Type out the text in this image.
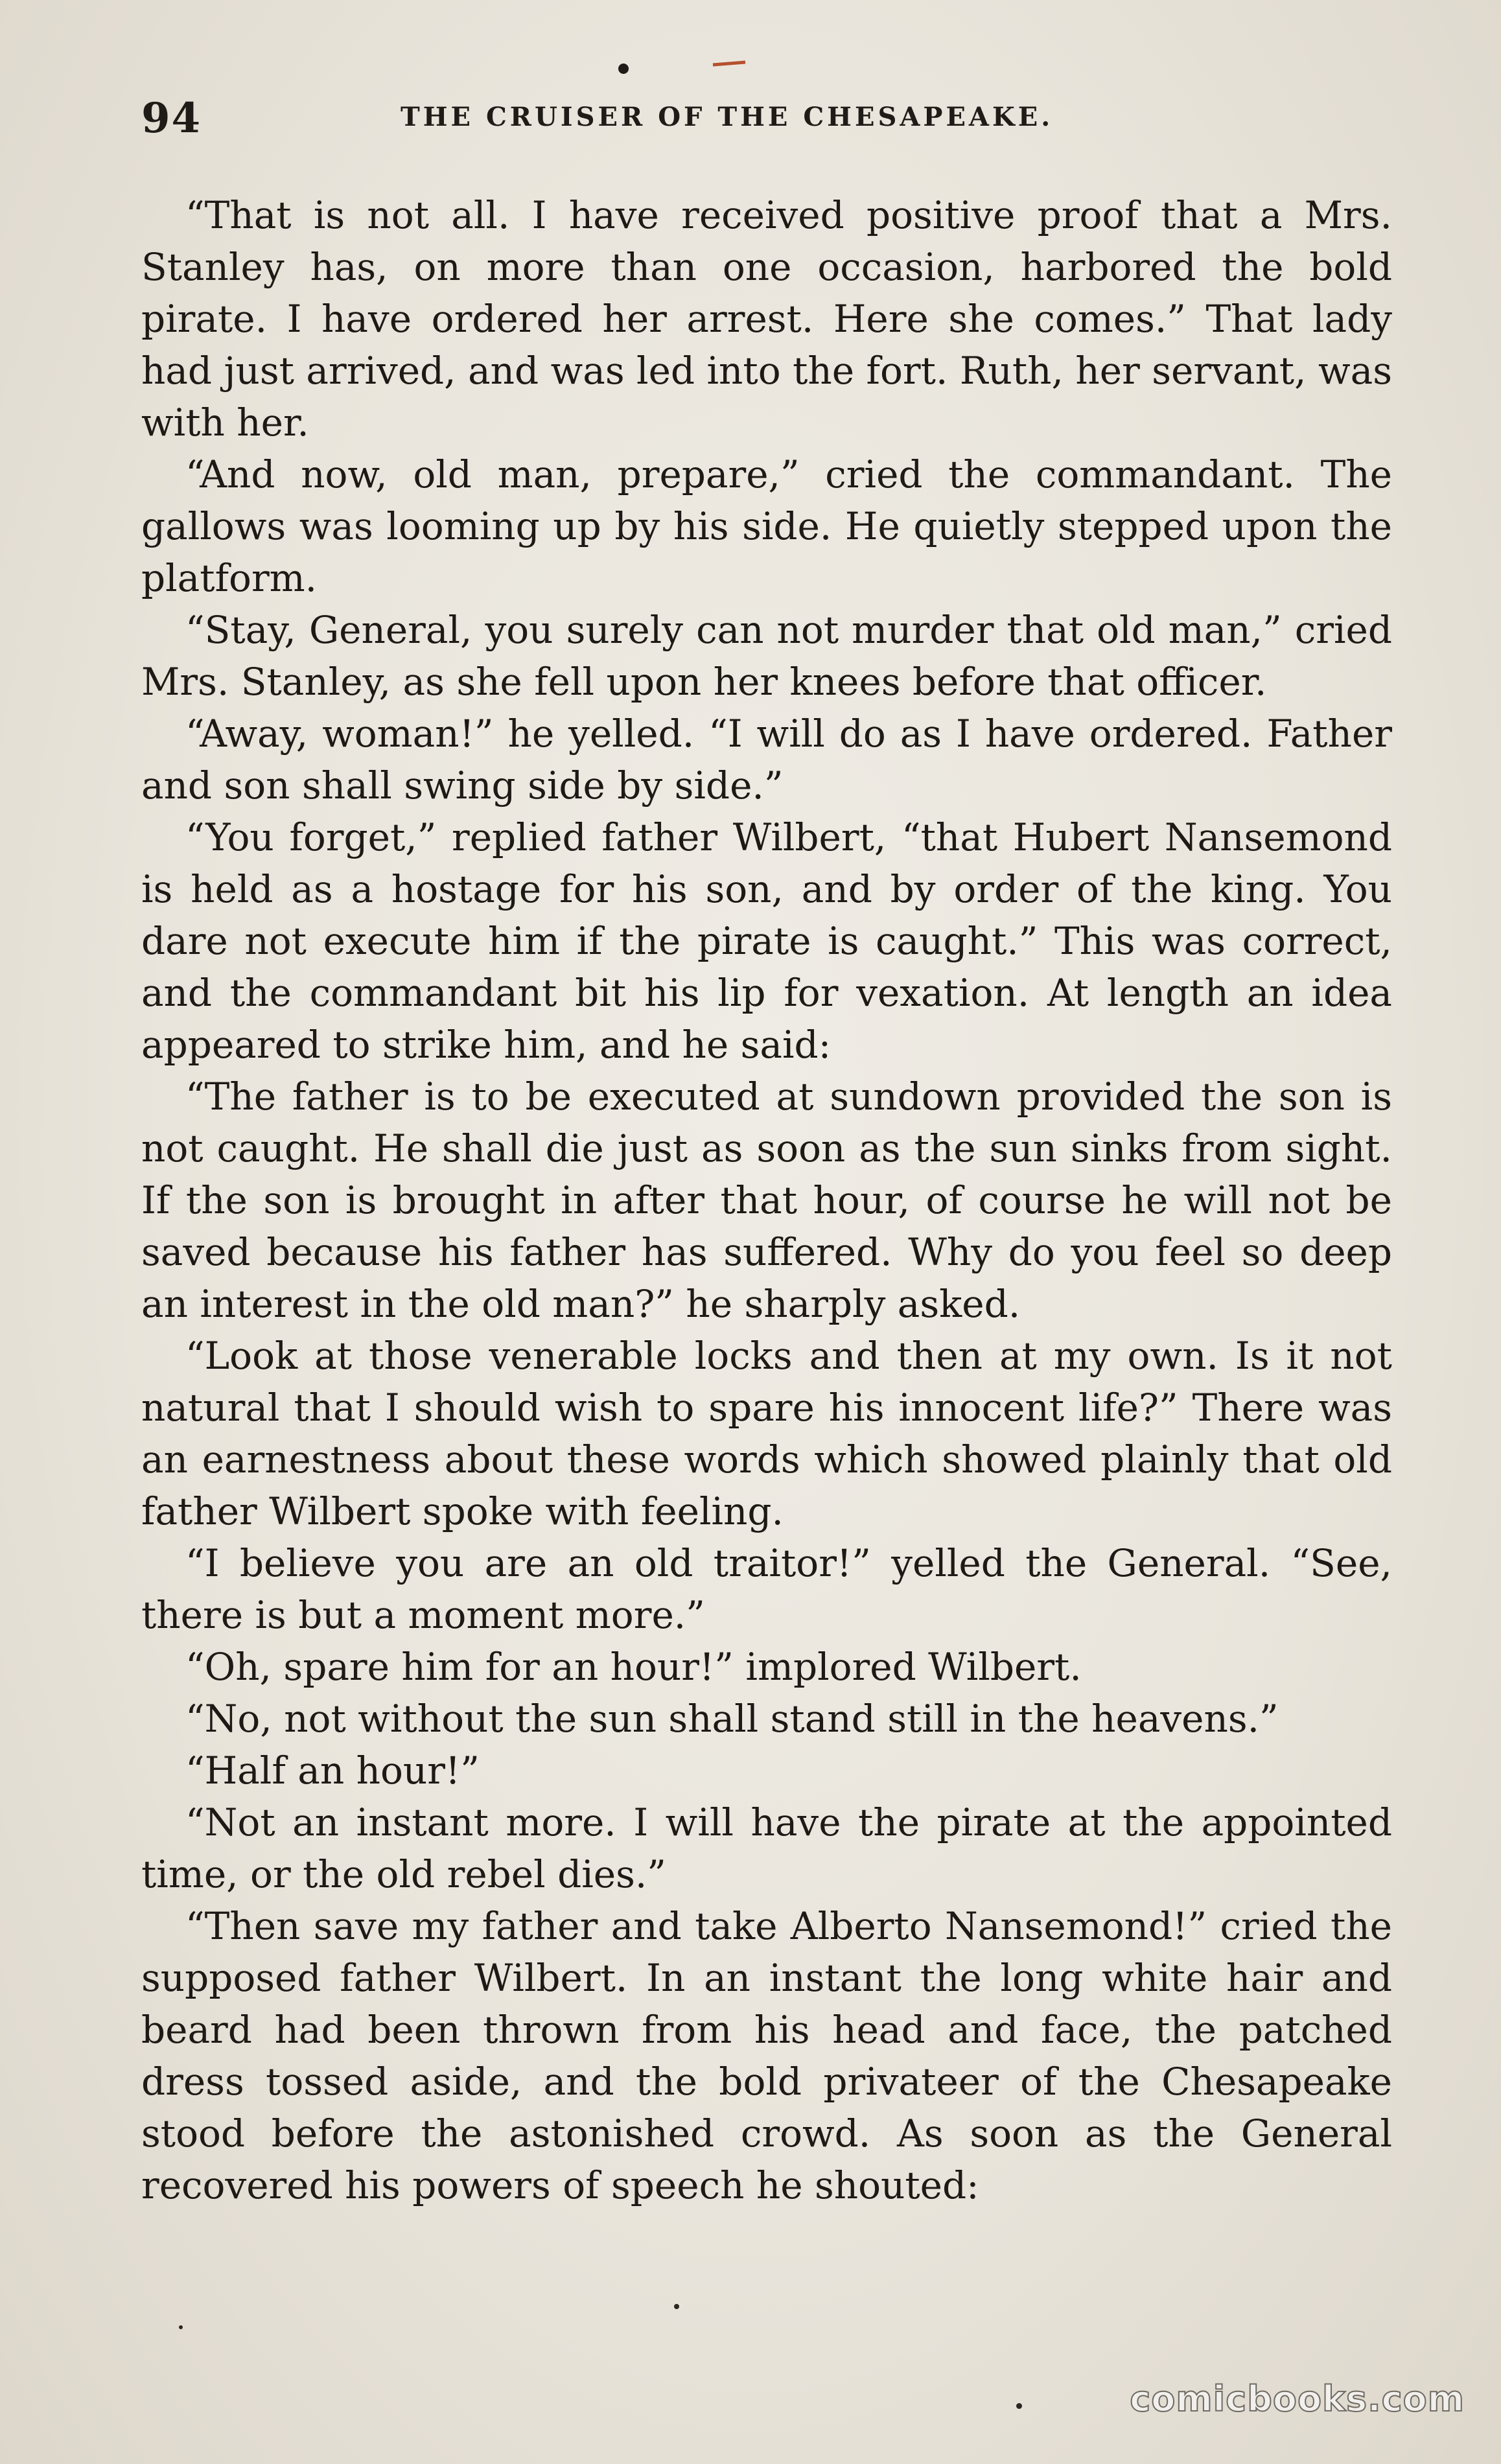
94	THE CRUISER OF THE CHESAPEAKE.

“That is not all. I have received positive proof that a Mrs. Stanley has, on more than one occasion, harbored the bold pirate. I have ordered her arrest. Here she comes.” That lady had just arrived, and was led into the fort. Ruth, her servant, was with her.

“And now, old man, prepare,” cried the commandant. The gallows was looming up by his side. He quietly stepped upon the platform.

“Stay, General, you surely can not murder that old man,” cried Mrs. Stanley, as she fell upon her knees before that officer.

“Away, woman!” he yelled. “I will do as I have ordered. Father and son shall swing side by side.”

“You forget,” replied father Wilbert, “that Hubert Nansemond is held as a hostage for his son, and by order of the king. You dare not execute him if the pirate is caught.” This was correct, and the commandant bit his lip for vexation. At length an idea appeared to strike him, and he said:

“The father is to be executed at sundown provided the son is not caught. He shall die just as soon as the sun sinks from sight. If the son is brought in after that hour, of course he will not be saved because his father has suffered. Why do you feel so deep an interest in the old man?” he sharply asked.

“Look at those venerable locks and then at my own. Is it not natural that I should wish to spare his innocent life?” There was an earnestness about these words which showed plainly that old father Wilbert spoke with feeling.

“I believe you are an old traitor!” yelled the General. “See, there is but a moment more.”

“Oh, spare him for an hour!” implored Wilbert.

“No, not without the sun shall stand still in the heavens.”

“Half an hour!”

“Not an instant more. I will have the pirate at the appointed time, or the old rebel dies.”

“Then save my father and take Alberto Nansemond!” cried the supposed father Wilbert. In an instant the long white hair and beard had been thrown from his head and face, the patched dress tossed aside, and the bold privateer of the Chesapeake stood before the astonished crowd. As soon as the General recovered his powers of speech he shouted:

comicbooks.com
